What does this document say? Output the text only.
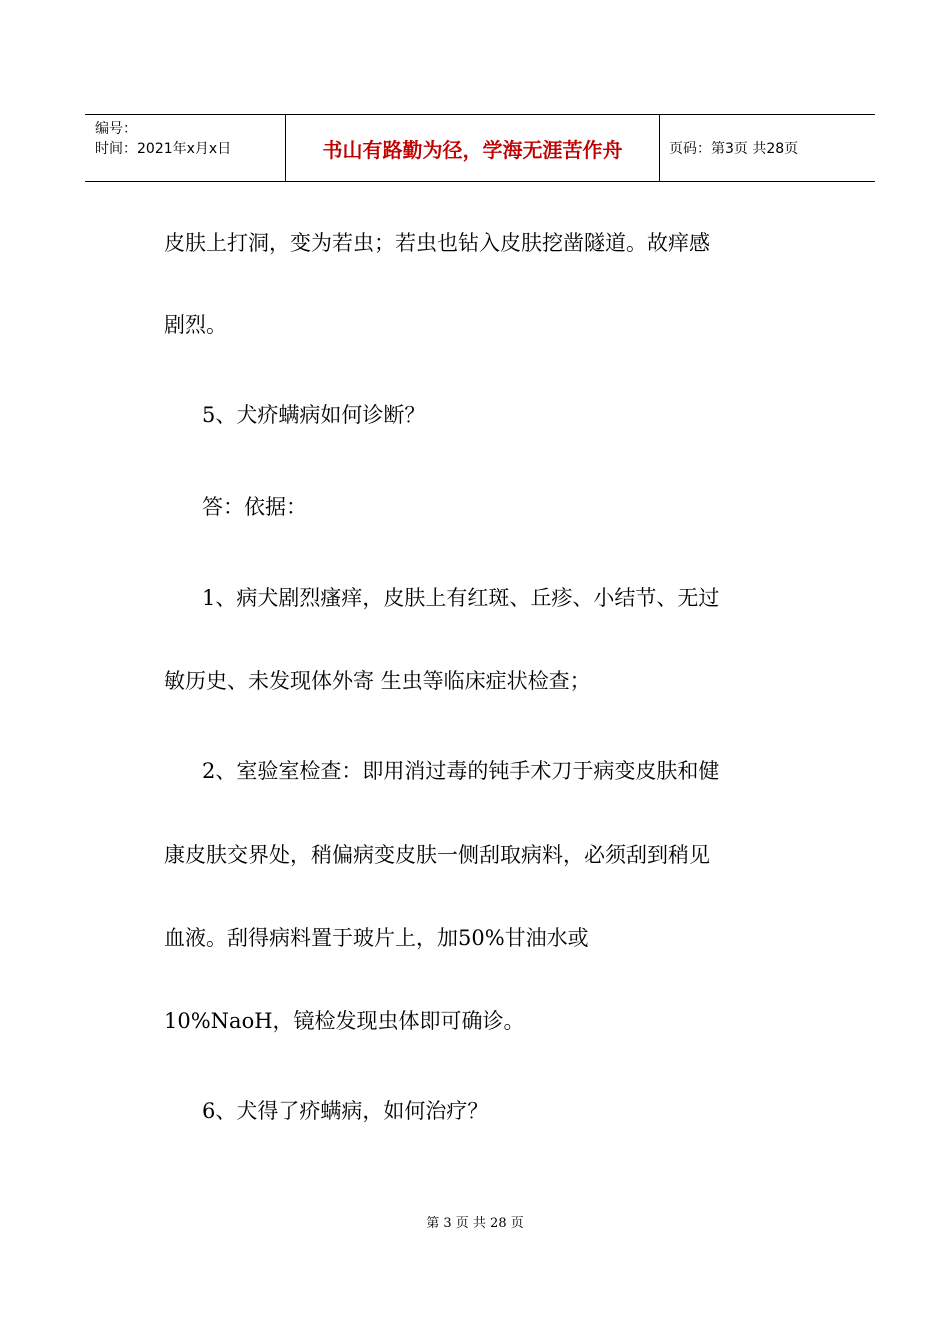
编号：
时间：2021年x月x日	书山有路勤为径，学海无涯苦作舟	页码：第3页 共28页
皮肤上打洞，变为若虫；若虫也钻入皮肤挖凿隧道。故痒感
剧烈。
5、犬疥螨病如何诊断？
答：依据：
1、病犬剧烈瘙痒，皮肤上有红斑、丘疹、小结节、无过
敏历史、未发现体外寄 生虫等临床症状检查；
2、室验室检查：即用消过毒的钝手术刀于病变皮肤和健
康皮肤交界处，稍偏病变皮肤一侧刮取病料，必须刮到稍见
血液。刮得病料置于玻片上，加50%甘油水或
10%NaoH，镜检发现虫体即可确诊。
6、犬得了疥螨病，如何治疗？
第 3 页 共 28 页
